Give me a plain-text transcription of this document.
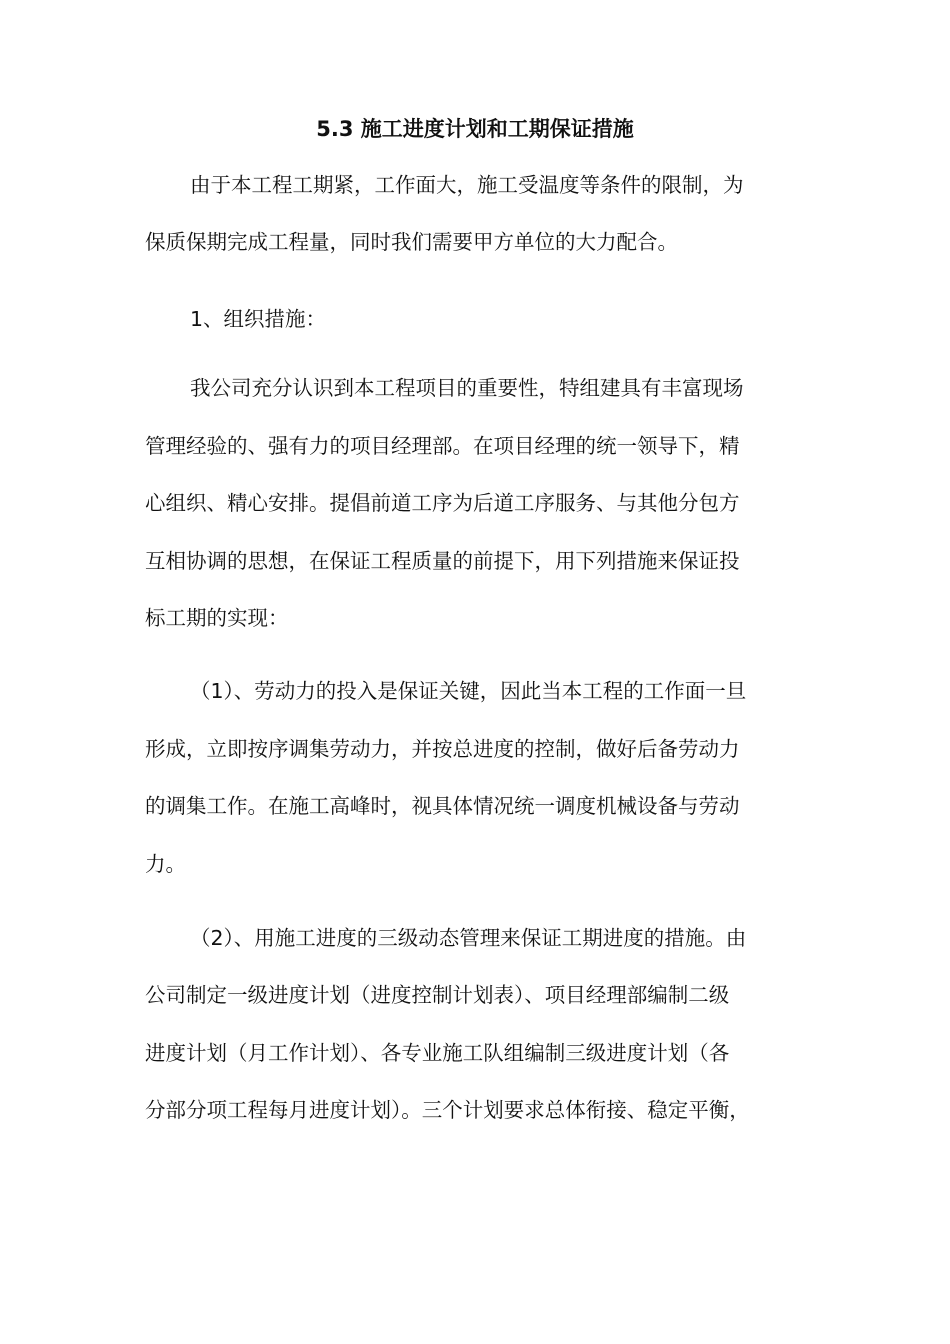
5.3 施工进度计划和工期保证措施
由于本工程工期紧，工作面大，施工受温度等条件的限制，为
保质保期完成工程量，同时我们需要甲方单位的大力配合。
1、组织措施：
我公司充分认识到本工程项目的重要性，特组建具有丰富现场
管理经验的、强有力的项目经理部。在项目经理的统一领导下，精
心组织、精心安排。提倡前道工序为后道工序服务、与其他分包方
互相协调的思想，在保证工程质量的前提下，用下列措施来保证投
标工期的实现：
（1）、劳动力的投入是保证关键，因此当本工程的工作面一旦
形成，立即按序调集劳动力，并按总进度的控制，做好后备劳动力
的调集工作。在施工高峰时，视具体情况统一调度机械设备与劳动
力。
（2）、用施工进度的三级动态管理来保证工期进度的措施。由
公司制定一级进度计划（进度控制计划表）、项目经理部编制二级
进度计划（月工作计划）、各专业施工队组编制三级进度计划（各
分部分项工程每月进度计划）。三个计划要求总体衔接、稳定平衡，
